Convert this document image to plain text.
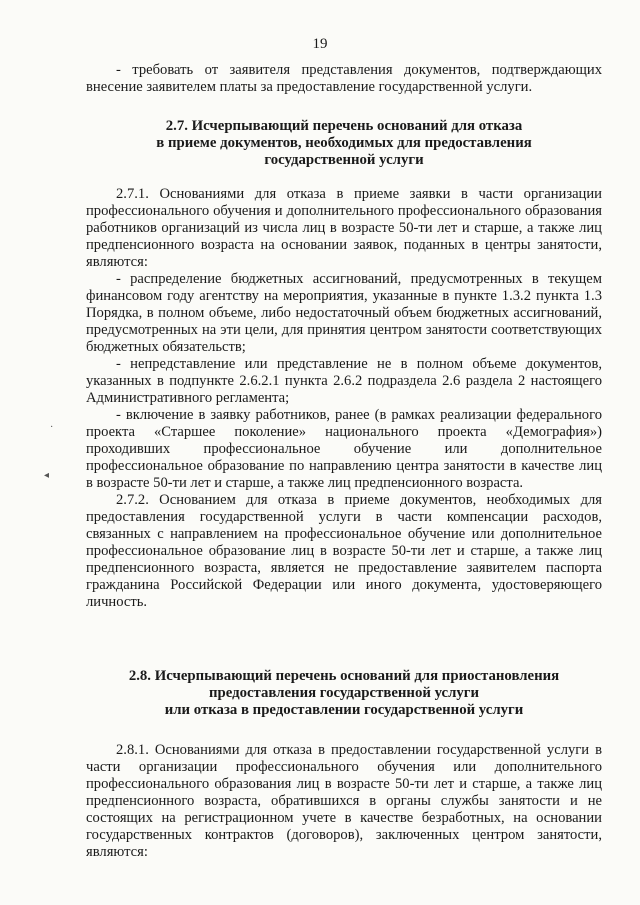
19

- требовать от заявителя представления документов, подтверждающих внесение заявителем платы за предоставление государственной услуги.

2.7. Исчерпывающий перечень оснований для отказа
в приеме документов, необходимых для предоставления
государственной услуги

2.7.1. Основаниями для отказа в приеме заявки в части организации профессионального обучения и дополнительного профессионального образования работников организаций из числа лиц в возрасте 50-ти лет и старше, а также лиц предпенсионного возраста на основании заявок, поданных в центры занятости, являются:

- распределение бюджетных ассигнований, предусмотренных в текущем финансовом году агентству на мероприятия, указанные в пункте 1.3.2 пункта 1.3 Порядка, в полном объеме, либо недостаточный объем бюджетных ассигнований, предусмотренных на эти цели, для принятия центром занятости соответствующих бюджетных обязательств;

- непредставление или представление не в полном объеме документов, указанных в подпункте 2.6.2.1 пункта 2.6.2 подраздела 2.6 раздела 2 настоящего Административного регламента;

- включение в заявку работников, ранее (в рамках реализации федерального проекта «Старшее поколение» национального проекта «Демография») проходивших профессиональное обучение или дополнительное профессиональное образование по направлению центра занятости в качестве лиц в возрасте 50-ти лет и старше, а также лиц предпенсионного возраста.

2.7.2. Основанием для отказа в приеме документов, необходимых для предоставления государственной услуги в части компенсации расходов, связанных с направлением на профессиональное обучение или дополнительное профессиональное образование лиц в возрасте 50-ти лет и старше, а также лиц предпенсионного возраста, является не предоставление заявителем паспорта гражданина Российской Федерации или иного документа, удостоверяющего личность.

2.8. Исчерпывающий перечень оснований для приостановления
предоставления государственной услуги
или отказа в предоставлении государственной услуги

2.8.1. Основаниями для отказа в предоставлении государственной услуги в части организации профессионального обучения или дополнительного профессионального образования лиц в возрасте 50-ти лет и старше, а также лиц предпенсионного возраста, обратившихся в органы службы занятости и не состоящих на регистрационном учете в качестве безработных, на основании государственных контрактов (договоров), заключенных центром занятости, являются:

◂
·
